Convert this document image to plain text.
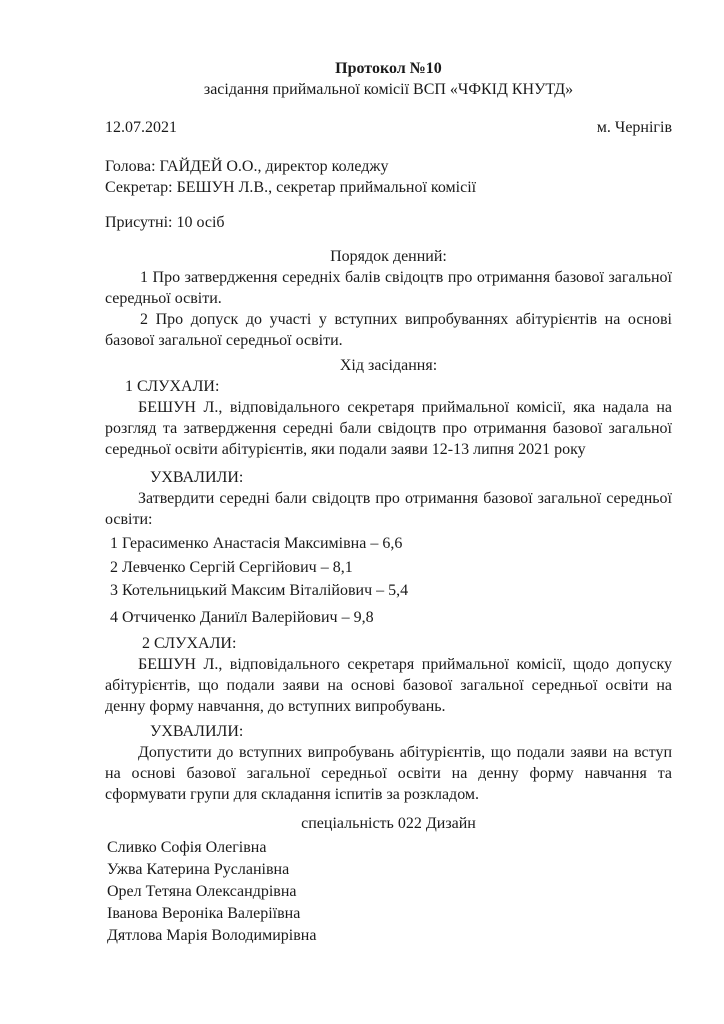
Протокол №10
засідання приймальної комісії ВСП «ЧФКІД КНУТД»
12.07.2021	м. Чернігів
Голова: ГАЙДЕЙ О.О., директор коледжу
Секретар: БЕШУН Л.В., секретар приймальної комісії
Присутні: 10 осіб
Порядок денний:
1 Про затвердження середніх балів свідоцтв про отримання базової загальної середньої освіти.
2 Про допуск до участі у вступних випробуваннях абітурієнтів на основі базової загальної середньої освіти.
Хід засідання:
1 СЛУХАЛИ:
БЕШУН Л., відповідального секретаря приймальної комісії, яка надала на розгляд та затвердження середні бали свідоцтв про отримання базової загальної середньої освіти абітурієнтів, яки подали заяви 12-13 липня 2021 року
УХВАЛИЛИ:
Затвердити середні бали свідоцтв про отримання базової загальної середньої освіти:
1 Герасименко Анастасія Максимівна – 6,6
2 Левченко Сергій Сергійович – 8,1
3 Котельницький Максим Віталійович – 5,4
4 Отчиченко Даниїл Валерійович – 9,8
2 СЛУХАЛИ:
БЕШУН Л., відповідального секретаря приймальної комісії, щодо допуску абітурієнтів, що подали заяви на основі базової загальної середньої освіти на денну форму навчання, до вступних випробувань.
УХВАЛИЛИ:
Допустити до вступних випробувань абітурієнтів, що подали заяви на вступ на основі базової загальної середньої освіти на денну форму навчання та сформувати групи для складання іспитів за розкладом.
спеціальність 022 Дизайн
Сливко Софія Олегівна
Ужва Катерина Русланівна
Орел Тетяна Олександрівна
Іванова Вероніка Валеріївна
Дятлова Марія Володимирівна
